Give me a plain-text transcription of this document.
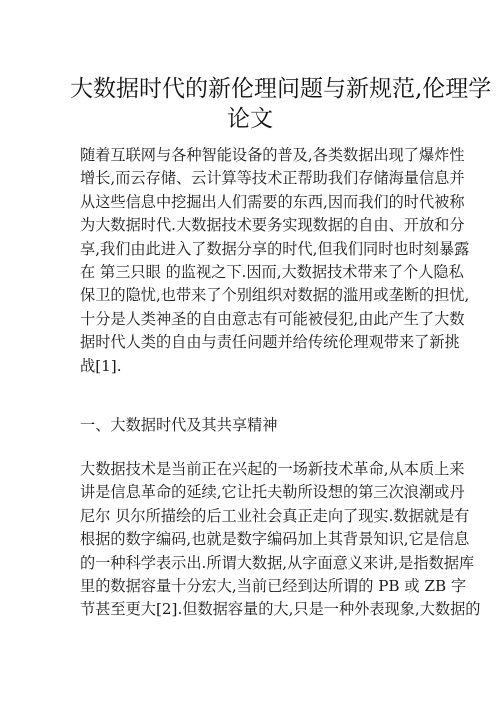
大数据时代的新伦理问题与新规范,伦理学
论文
随着互联网与各种智能设备的普及,各类数据出现了爆炸性
增长,而云存储、云计算等技术正帮助我们存储海量信息并
从这些信息中挖掘出人们需要的东西,因而我们的时代被称
为大数据时代.大数据技术要务实现数据的自由、开放和分
享,我们由此进入了数据分享的时代,但我们同时也时刻暴露
在 第三只眼 的监视之下.因而,大数据技术带来了个人隐私
保卫的隐忧,也带来了个别组织对数据的滥用或垄断的担忧,
十分是人类神圣的自由意志有可能被侵犯,由此产生了大数
据时代人类的自由与责任问题并给传统伦理观带来了新挑
战[1].
一、大数据时代及其共享精神
大数据技术是当前正在兴起的一场新技术革命,从本质上来
讲是信息革命的延续,它让托夫勒所设想的第三次浪潮或丹
尼尔 贝尔所描绘的后工业社会真正走向了现实.数据就是有
根据的数字编码,也就是数字编码加上其背景知识,它是信息
的一种科学表示出.所谓大数据,从字面意义来讲,是指数据库
里的数据容量十分宏大,当前已经到达所谓的 PB 或 ZB 字
节甚至更大[2].但数据容量的大,只是一种外表现象,大数据的
